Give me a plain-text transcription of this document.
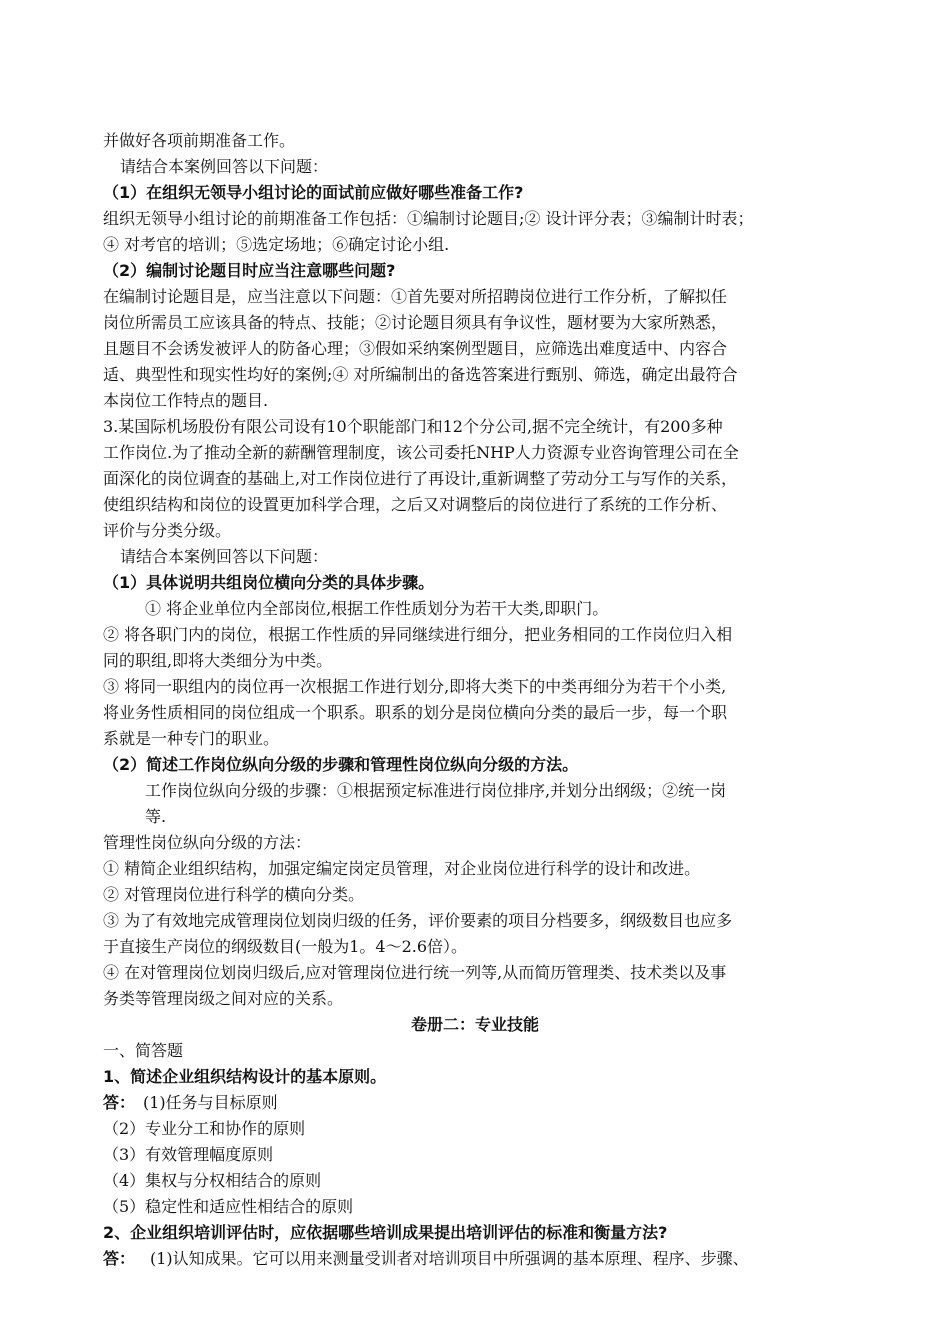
并做好各项前期准备工作。
请结合本案例回答以下问题：
（1）在组织无领导小组讨论的面试前应做好哪些准备工作?
组织无领导小组讨论的前期准备工作包括：①编制讨论题目;② 设计评分表；③编制计时表；
④ 对考官的培训；⑤选定场地；⑥确定讨论小组.
（2）编制讨论题目时应当注意哪些问题?
在编制讨论题目是，应当注意以下问题：①首先要对所招聘岗位进行工作分析，了解拟任
岗位所需员工应该具备的特点、技能；②讨论题目须具有争议性，题材要为大家所熟悉，
且题目不会诱发被评人的防备心理；③假如采纳案例型题目，应筛选出难度适中、内容合
适、典型性和现实性均好的案例;④ 对所编制出的备选答案进行甄别、筛选，确定出最符合
本岗位工作特点的题目.
3.某国际机场股份有限公司设有10个职能部门和12个分公司,据不完全统计，有200多种
工作岗位.为了推动全新的薪酬管理制度，该公司委托NHP人力资源专业咨询管理公司在全
面深化的岗位调查的基础上,对工作岗位进行了再设计,重新调整了劳动分工与写作的关系，
使组织结构和岗位的设置更加科学合理，之后又对调整后的岗位进行了系统的工作分析、
评价与分类分级。
请结合本案例回答以下问题：
（1）具体说明共组岗位横向分类的具体步骤。
① 将企业单位内全部岗位,根据工作性质划分为若干大类,即职门。
② 将各职门内的岗位，根据工作性质的异同继续进行细分，把业务相同的工作岗位归入相
同的职组,即将大类细分为中类。
③ 将同一职组内的岗位再一次根据工作进行划分,即将大类下的中类再细分为若干个小类,
将业务性质相同的岗位组成一个职系。职系的划分是岗位横向分类的最后一步，每一个职
系就是一种专门的职业。
（2）简述工作岗位纵向分级的步骤和管理性岗位纵向分级的方法。
工作岗位纵向分级的步骤：①根据预定标准进行岗位排序,并划分出纲级；②统一岗
等.
管理性岗位纵向分级的方法：
① 精简企业组织结构，加强定编定岗定员管理，对企业岗位进行科学的设计和改进。
② 对管理岗位进行科学的横向分类。
③ 为了有效地完成管理岗位划岗归级的任务，评价要素的项目分档要多，纲级数目也应多
于直接生产岗位的纲级数目(一般为1。4～2.6倍）。
④ 在对管理岗位划岗归级后,应对管理岗位进行统一列等,从而简历管理类、技术类以及事
务类等管理岗级之间对应的关系。
卷册二：专业技能
一、简答题
1、简述企业组织结构设计的基本原则。
答： (1)任务与目标原则
（2）专业分工和协作的原则
（3）有效管理幅度原则
（4）集权与分权相结合的原则
（5）稳定性和适应性相结合的原则
2、企业组织培训评估时，应依据哪些培训成果提出培训评估的标准和衡量方法?
答： (1)认知成果。它可以用来测量受训者对培训项目中所强调的基本原理、程序、步骤、
